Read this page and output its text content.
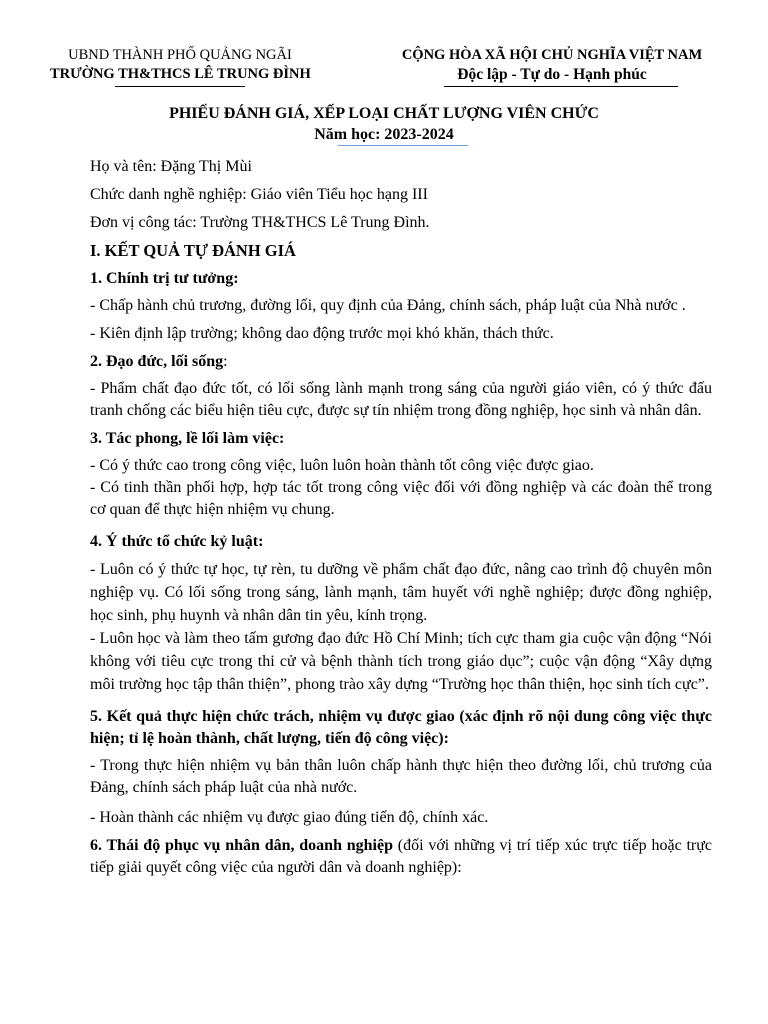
UBND THÀNH PHỐ QUẢNG NGÃI
TRƯỜNG TH&THCS LÊ TRUNG ĐÌNH
CỘNG HÒA XÃ HỘI CHỦ NGHĨA VIỆT NAM
Độc lập - Tự do - Hạnh phúc
PHIẾU ĐÁNH GIÁ, XẾP LOẠI CHẤT LƯỢNG VIÊN CHỨC
Năm học: 2023-2024

Họ và tên: Đặng Thị Mùi

Chức danh nghề nghiệp: Giáo viên Tiểu học hạng III

Đơn vị công tác: Trường TH&THCS Lê Trung Đình.

I. KẾT QUẢ TỰ ĐÁNH GIÁ

1. Chính trị tư tưởng:

- Chấp hành chủ trương, đường lối, quy định của Đảng, chính sách, pháp luật của Nhà nước .

- Kiên định lập trường; không dao động trước mọi khó khăn, thách thức.

2. Đạo đức, lối sống:

- Phẩm chất đạo đức tốt, có lối sống lành mạnh trong sáng của người giáo viên, có ý thức đấu tranh chống các biểu hiện tiêu cực, được sự tín nhiệm trong đồng nghiệp, học sinh và nhân dân.

3. Tác phong, lề lối làm việc:

- Có ý thức cao trong công việc, luôn luôn hoàn thành tốt công việc được giao.

- Có tinh thần phối hợp, hợp tác tốt trong công việc đối với đồng nghiệp và các đoàn thể trong cơ quan để thực hiện nhiệm vụ chung.

4. Ý thức tổ chức kỷ luật:

- Luôn có ý thức tự học, tự rèn, tu dưỡng về phẩm chất đạo đức, nâng cao trình độ chuyên môn nghiệp vụ. Có lối sống trong sáng, lành mạnh, tâm huyết với nghề nghiệp; được đồng nghiệp, học sinh, phụ huynh và nhân dân tin yêu, kính trọng.

- Luôn học và làm theo tấm gương đạo đức Hồ Chí Minh; tích cực tham gia cuộc vận động “Nói không với tiêu cực trong thi cử và bệnh thành tích trong giáo dục”; cuộc vận động “Xây dựng môi trường học tập thân thiện”, phong trào xây dựng “Trường học thân thiện, học sinh tích cực”.

5. Kết quả thực hiện chức trách, nhiệm vụ được giao (xác định rõ nội dung công việc thực hiện; tỉ lệ hoàn thành, chất lượng, tiến độ công việc):

- Trong thực hiện nhiệm vụ bản thân luôn chấp hành thực hiện theo đường lối, chủ trương của Đảng, chính sách pháp luật của nhà nước.

- Hoàn thành các nhiệm vụ được giao đúng tiến độ, chính xác.

6. Thái độ phục vụ nhân dân, doanh nghiệp (đối với những vị trí tiếp xúc trực tiếp hoặc trực tiếp giải quyết công việc của người dân và doanh nghiệp):
